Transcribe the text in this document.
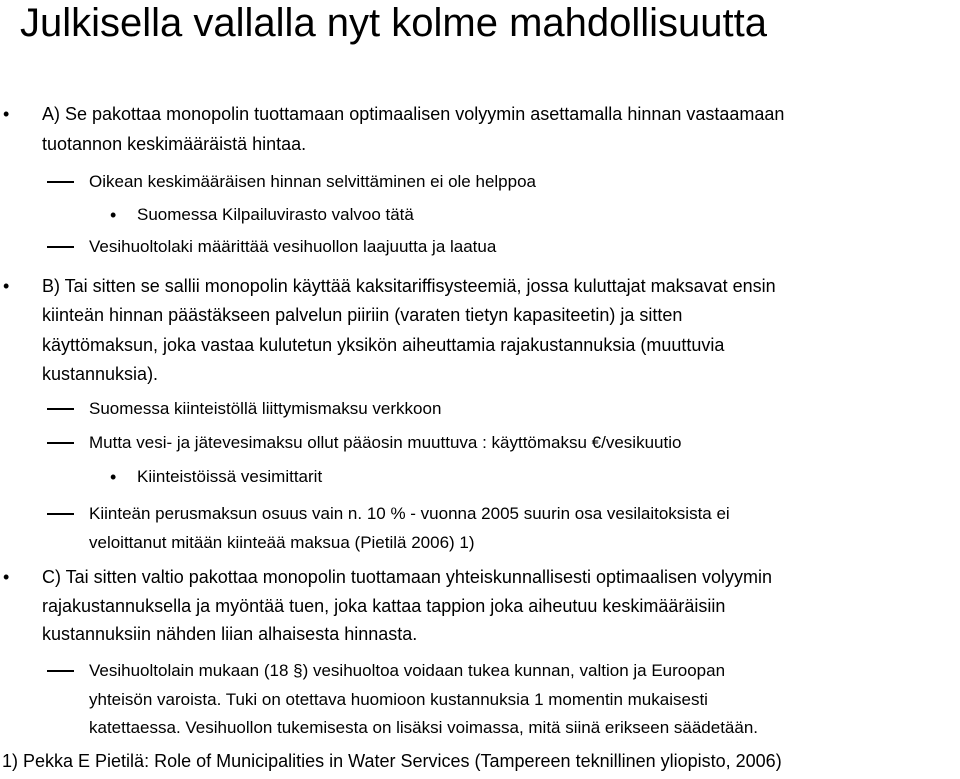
Julkisella vallalla nyt kolme mahdollisuutta
• A) Se pakottaa monopolin tuottamaan optimaalisen volyymin asettamalla hinnan vastaamaan
tuotannon keskimääräistä hintaa.
Oikean keskimääräisen hinnan selvittäminen ei ole helppoa
• Suomessa Kilpailuvirasto valvoo tätä
Vesihuoltolaki määrittää vesihuollon laajuutta ja laatua
• B) Tai sitten se sallii monopolin käyttää kaksitariffisysteemiä, jossa kuluttajat maksavat ensin
kiinteän hinnan päästäkseen palvelun piiriin (varaten tietyn kapasiteetin) ja sitten
käyttömaksun, joka vastaa kulutetun yksikön aiheuttamia rajakustannuksia (muuttuvia
kustannuksia).
Suomessa kiinteistöllä liittymismaksu verkkoon
Mutta vesi- ja jätevesimaksu ollut pääosin muuttuva : käyttömaksu €/vesikuutio
• Kiinteistöissä vesimittarit
Kiinteän perusmaksun osuus vain n. 10 % - vuonna 2005 suurin osa vesilaitoksista ei
veloittanut mitään kiinteää maksua (Pietilä 2006) 1)
• C) Tai sitten valtio pakottaa monopolin tuottamaan yhteiskunnallisesti optimaalisen volyymin
rajakustannuksella ja myöntää tuen, joka kattaa tappion joka aiheutuu keskimääräisiin
kustannuksiin nähden liian alhaisesta hinnasta.
Vesihuoltolain mukaan (18 §) vesihuoltoa voidaan tukea kunnan, valtion ja Euroopan
yhteisön varoista. Tuki on otettava huomioon kustannuksia 1 momentin mukaisesti
katettaessa. Vesihuollon tukemisesta on lisäksi voimassa, mitä siinä erikseen säädetään.
1) Pekka E Pietilä: Role of Municipalities in Water Services (Tampereen teknillinen yliopisto, 2006)
